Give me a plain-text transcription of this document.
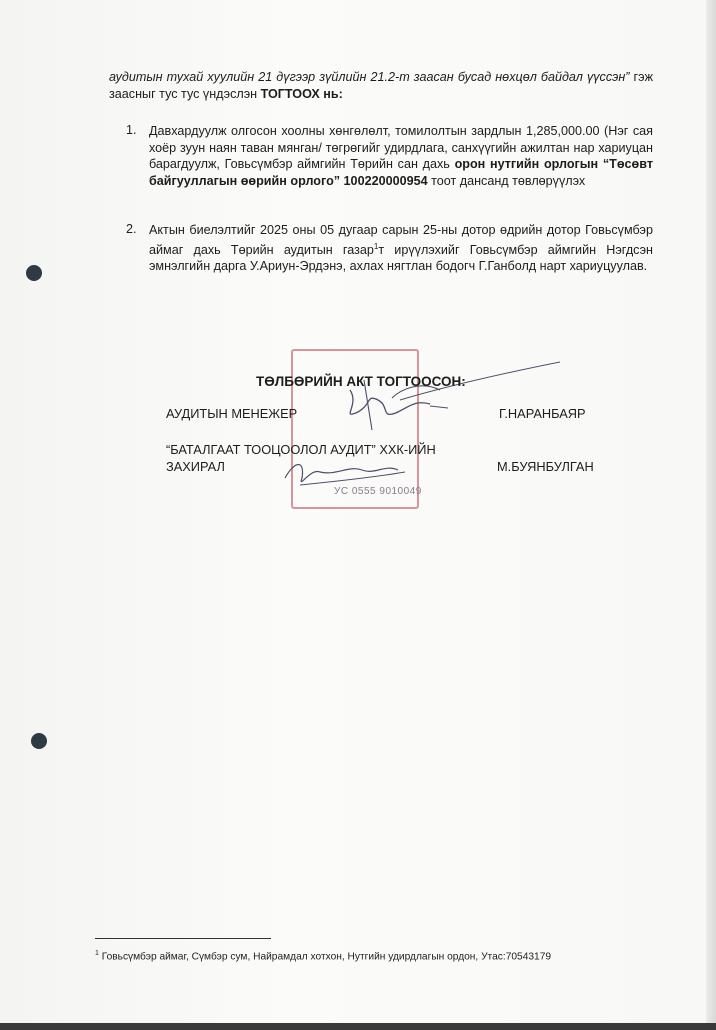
аудитын тухай хуулийн 21 дүгээр зүйлийн 21.2-т заасан бусад нөхцөл байдал үүссэн” гэж заасныг тус тус үндэслэн ТОГТООХ нь:
1. Давхардуулж олгосон хоолны хөнгөлөлт, томилолтын зардлын 1,285,000.00 (Нэг сая хоёр зуун наян таван мянган/ төгрөгийг удирдлага, санхүүгийн ажилтан нар хариуцан барагдуулж, Говьсүмбэр аймгийн Төрийн сан дахь орон нутгийн орлогын “Төсөвт байгууллагын өөрийн орлого” 100220000954 тоот дансанд төвлөрүүлэх
2. Актын биелэлтийг 2025 оны 05 дугаар сарын 25-ны дотор өдрийн дотор Говьсүмбэр аймаг дахь Төрийн аудитын газар$^1$т ирүүлэхийг Говьсүмбэр аймгийн Нэгдсэн эмнэлгийн дарга У.Ариун-Эрдэнэ, ахлах нягтлан бодогч Г.Ганболд нарт хариуцуулав.
УС 0555 9010049
ТӨЛБӨРИЙН АКТ ТОГТООСОН:
АУДИТЫН МЕНЕЖЕР	Г.НАРАНБАЯР
“БАТАЛГААТ ТООЦООЛОЛ АУДИТ” ХХК-ИЙН
ЗАХИРАЛ	М.БУЯНБУЛГАН
$^1$ Говьсүмбэр аймаг, Сүмбэр сум, Найрамдал хотхон, Нутгийн удирдлагын ордон, Утас:70543179
